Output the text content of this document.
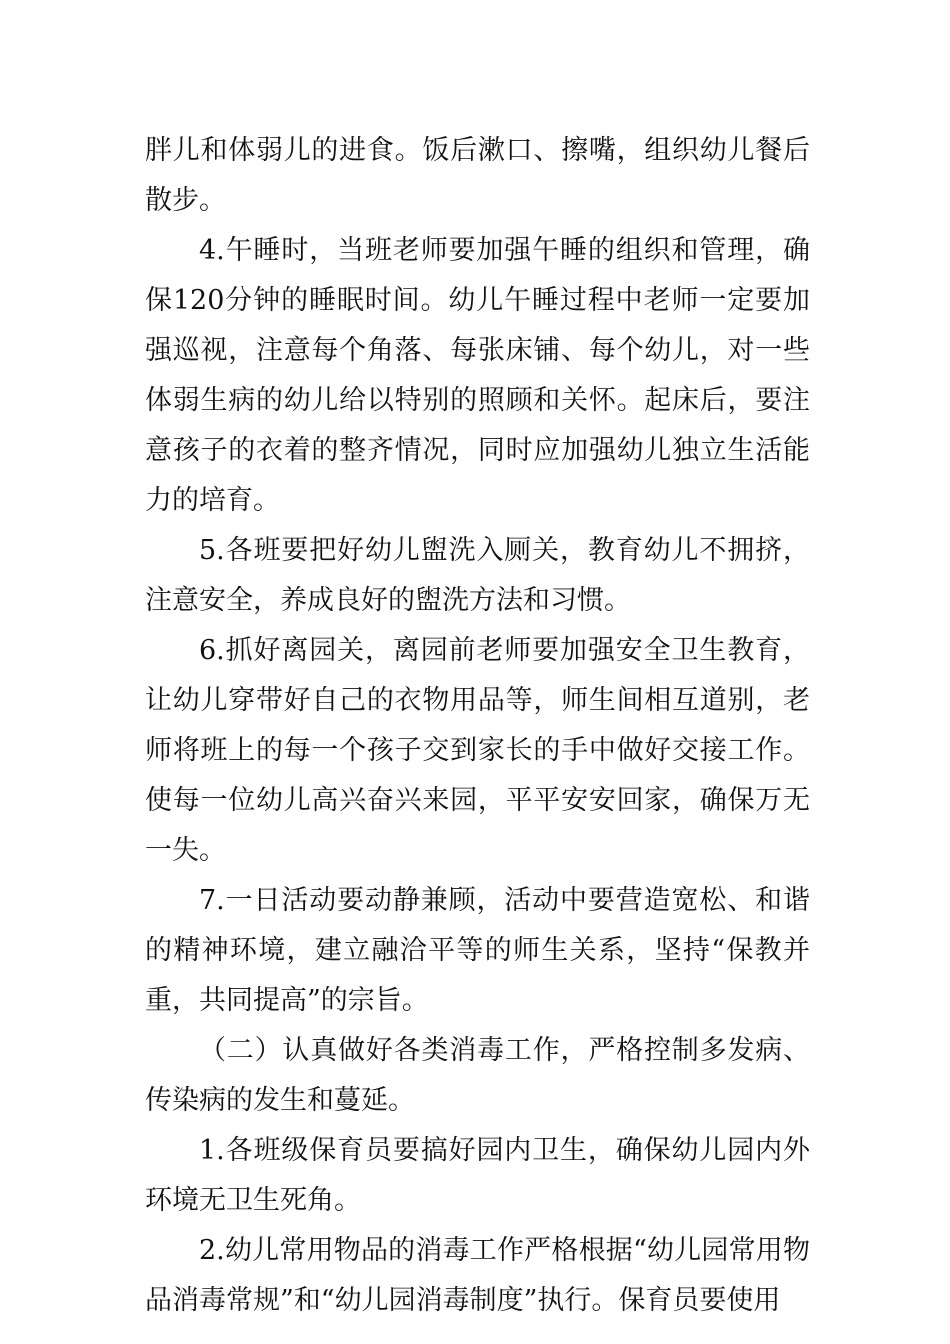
胖儿和体弱儿的进食。饭后漱口、擦嘴，组织幼儿餐后散步。

4.午睡时，当班老师要加强午睡的组织和管理，确保120分钟的睡眠时间。幼儿午睡过程中老师一定要加强巡视，注意每个角落、每张床铺、每个幼儿，对一些体弱生病的幼儿给以特别的照顾和关怀。起床后，要注意孩子的衣着的整齐情况，同时应加强幼儿独立生活能力的培育。

5.各班要把好幼儿盥洗入厕关，教育幼儿不拥挤，注意安全，养成良好的盥洗方法和习惯。

6.抓好离园关，离园前老师要加强安全卫生教育，让幼儿穿带好自己的衣物用品等，师生间相互道别，老师将班上的每一个孩子交到家长的手中做好交接工作。使每一位幼儿高兴奋兴来园，平平安安回家，确保万无一失。

7.一日活动要动静兼顾，活动中要营造宽松、和谐的精神环境，建立融洽平等的师生关系，坚持“保教并重，共同提高”的宗旨。

（二）认真做好各类消毒工作，严格控制多发病、传染病的发生和蔓延。

1.各班级保育员要搞好园内卫生，确保幼儿园内外环境无卫生死角。

2.幼儿常用物品的消毒工作严格根据“幼儿园常用物品消毒常规”和“幼儿园消毒制度”执行。保育员要使用
